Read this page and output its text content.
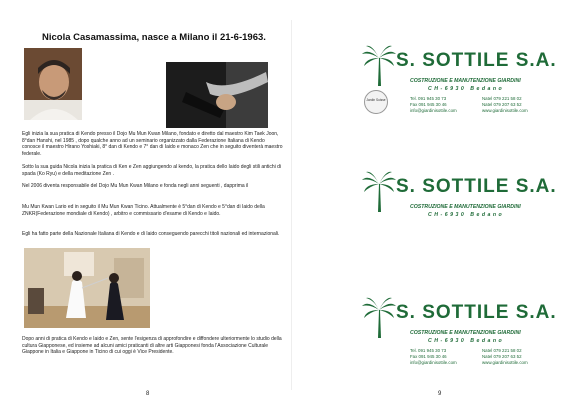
Nicola Casamassima, nasce a Milano il 21-6-1963.
Egli inizia la sua pratica di Kendo presso il Dojo Mu Mun Kwan Milano, fondato e diretto dal maestro Kim Taek Joon, 8°dan Hanshi, nel 1985 , dopo qualche anno ad un seminario organizzato dalla Federazione Italiana di Kendo conosce il maestro Hirano Yoshiaki, 8° dan di Kendo e 7° dan di Iaido e monaco Zen che in seguito diventerà maestro federale.
Sotto la sua guida Nicola inizia la pratica di Ken e Zen aggiungendo al kendo, la pratica dello Iaido degli stili antichi di spada (Ko Ryu) e della meditazione Zen .
Nel 2006 diventa responsabile del Dojo Mu Mun Kwan Milano e fonda negli anni seguenti , dapprima il
Mu Mun Kwan Lario ed in seguito il Mu Mun Kwan Ticino. Attualmente è 5°dan di Kendo e 5°dan di Iaido della ZNKR(Federazione mondiale di Kendo) , arbitro e commissario d'esame di Kendo e Iaido.
Egli ha fatto parte della Nazionale Italiana di Kendo e di Iaido conseguendo parecchi titoli nazionali ed internazionali.
Dopo anni di pratica di Kendo e Iaido e Zen, sente l'esigenza di approfondire e diffondere ulteriormente lo studio della cultura Giapponese, ed insieme ad alcuni amici praticanti di altre arti Giapponesi fonda l'Associazione Culturale Giappone in Italia e Giappone in Ticino di cui oggi è Vice Presidente.
8
S. SOTTILE S.A.
COSTRUZIONE E MANUTENZIONE GIARDINI
CH-6930 Bedano
Jardin Suisse	Tel. 091 945 30 73
Fax 091 945 30 46
info@giardinisottile.com
Natel 079 221 58 02
Natel 079 207 63 52
www.giardinisottile.com
S. SOTTILE S.A.
COSTRUZIONE E MANUTENZIONE GIARDINI
CH-6930 Bedano
S. SOTTILE S.A.
COSTRUZIONE E MANUTENZIONE GIARDINI
CH-6930 Bedano
Tel. 091 945 30 73
Fax 091 945 30 46
info@giardinisottile.com
Natel 079 221 58 02
Natel 079 207 63 52
www.giardinisottile.com
9
